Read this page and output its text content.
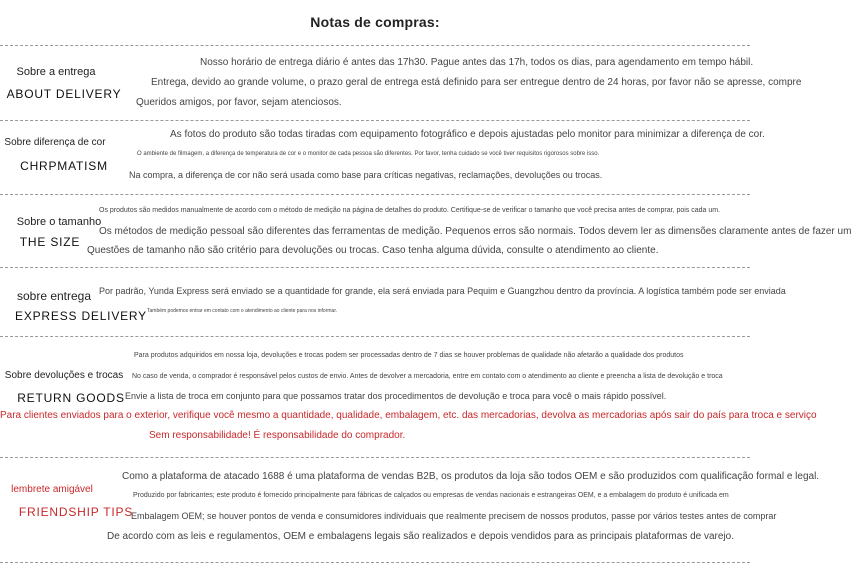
Notas de compras:
Sobre a entrega
ABOUT DELIVERY
Nosso horário de entrega diário é antes das 17h30. Pague antes das 17h, todos os dias, para agendamento em tempo hábil.
Entrega, devido ao grande volume, o prazo geral de entrega está definido para ser entregue dentro de 24 horas, por favor não se apresse, compre
Queridos amigos, por favor, sejam atenciosos.
Sobre diferença de cor
CHRPMATISM
As fotos do produto são todas tiradas com equipamento fotográfico e depois ajustadas pelo monitor para minimizar a diferença de cor.
O ambiente de filmagem, a diferença de temperatura de cor e o monitor de cada pessoa são diferentes. Por favor, tenha cuidado se você tiver requisitos rigorosos sobre isso.
Na compra, a diferença de cor não será usada como base para críticas negativas, reclamações, devoluções ou trocas.
Sobre o tamanho
THE SIZE
Os produtos são medidos manualmente de acordo com o método de medição na página de detalhes do produto. Certifique-se de verificar o tamanho que você precisa antes de comprar, pois cada um.
Os métodos de medição pessoal são diferentes das ferramentas de medição. Pequenos erros são normais. Todos devem ler as dimensões claramente antes de fazer um
Questões de tamanho não são critério para devoluções ou trocas. Caso tenha alguma dúvida, consulte o atendimento ao cliente.
sobre entrega
EXPRESS DELIVERY
Por padrão, Yunda Express será enviado se a quantidade for grande, ela será enviada para Pequim e Guangzhou dentro da província. A logística também pode ser enviada
Também podemos entrar em contato com o atendimento ao cliente para nos informar.
Sobre devoluções e trocas
RETURN GOODS
Para produtos adquiridos em nossa loja, devoluções e trocas podem ser processadas dentro de 7 dias se houver problemas de qualidade não afetarão a qualidade dos produtos
No caso de venda, o comprador é responsável pelos custos de envio. Antes de devolver a mercadoria, entre em contato com o atendimento ao cliente e preencha a lista de devolução e troca
Envie a lista de troca em conjunto para que possamos tratar dos procedimentos de devolução e troca para você o mais rápido possível.
Para clientes enviados para o exterior, verifique você mesmo a quantidade, qualidade, embalagem, etc. das mercadorias, devolva as mercadorias após sair do país para troca e serviço
Sem responsabilidade! É responsabilidade do comprador.
lembrete amigável
FRIENDSHIP TIPS
Como a plataforma de atacado 1688 é uma plataforma de vendas B2B, os produtos da loja são todos OEM e são produzidos com qualificação formal e legal.
Produzido por fabricantes; este produto é fornecido principalmente para fábricas de calçados ou empresas de vendas nacionais e estrangeiras OEM, e a embalagem do produto é unificada em
Embalagem OEM; se houver pontos de venda e consumidores individuais que realmente precisem de nossos produtos, passe por vários testes antes de comprar
De acordo com as leis e regulamentos, OEM e embalagens legais são realizados e depois vendidos para as principais plataformas de varejo.
